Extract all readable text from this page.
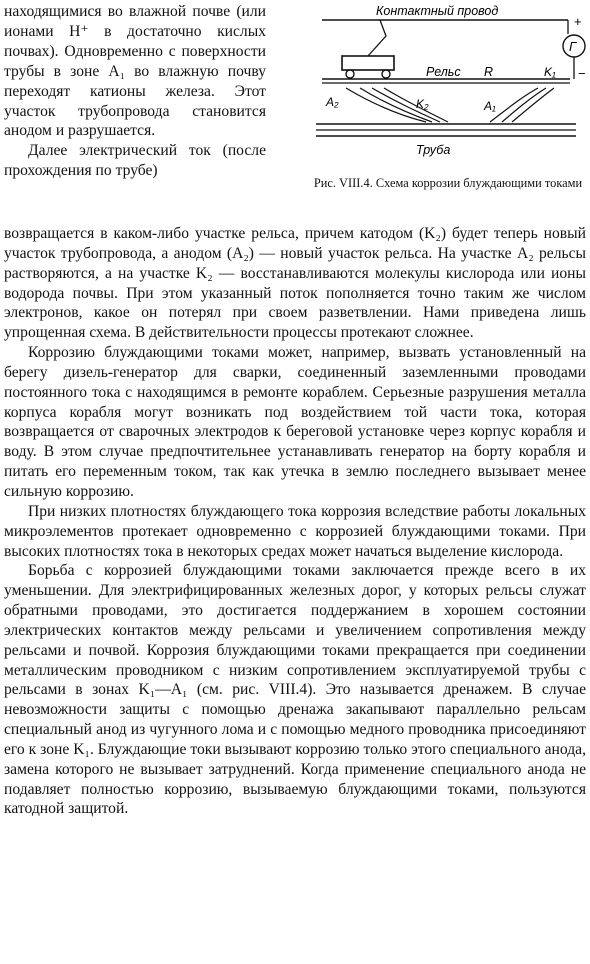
находящимися во влажной почве (или ионами H⁺ в достаточно кислых почвах). Одновременно с поверхности трубы в зоне A₁ во влажную почву переходят катионы железа. Этот участок трубопровода становится анодом и разрушается.

Далее электрический ток (после прохождения по трубе)

Контактный провод
Рельс R	K₁
Г
+
−
A₂	K₂	A₁
Труба
Рис. VIII.4. Схема коррозии блуждающими токами

возвращается в каком-либо участке рельса, причем катодом (K₂) будет теперь новый участок трубопровода, а анодом (A₂) — новый участок рельса. На участке A₂ рельсы растворяются, а на участке K₂ — восстанавливаются молекулы кислорода или ионы водорода почвы. При этом указанный поток пополняется точно таким же числом электронов, какое он потерял при своем разветвлении. Нами приведена лишь упрощенная схема. В действительности процессы протекают сложнее.

Коррозию блуждающими токами может, например, вызвать установленный на берегу дизель-генератор для сварки, соединенный заземленными проводами постоянного тока с находящимся в ремонте кораблем. Серьезные разрушения металла корпуса корабля могут возникать под воздействием той части тока, которая возвращается от сварочных электродов к береговой установке через корпус корабля и воду. В этом случае предпочтительнее устанавливать генератор на борту корабля и питать его переменным током, так как утечка в землю последнего вызывает менее сильную коррозию.

При низких плотностях блуждающего тока коррозия вследствие работы локальных микроэлементов протекает одновременно с коррозией блуждающими токами. При высоких плотностях тока в некоторых средах может начаться выделение кислорода.

Борьба с коррозией блуждающими токами заключается прежде всего в их уменьшении. Для электрифицированных железных дорог, у которых рельсы служат обратными проводами, это достигается поддержанием в хорошем состоянии электрических контактов между рельсами и увеличением сопротивления между рельсами и почвой. Коррозия блуждающими токами прекращается при соединении металлическим проводником с низким сопротивлением эксплуатируемой трубы с рельсами в зонах K₁—A₁ (см. рис. VIII.4). Это называется дренажем. В случае невозможности защиты с помощью дренажа закапывают параллельно рельсам специальный анод из чугунного лома и с помощью медного проводника присоединяют его к зоне K₁. Блуждающие токи вызывают коррозию только этого специального анода, замена которого не вызывает затруднений. Когда применение специального анода не подавляет полностью коррозию, вызываемую блуждающими токами, пользуются катодной защитой.
